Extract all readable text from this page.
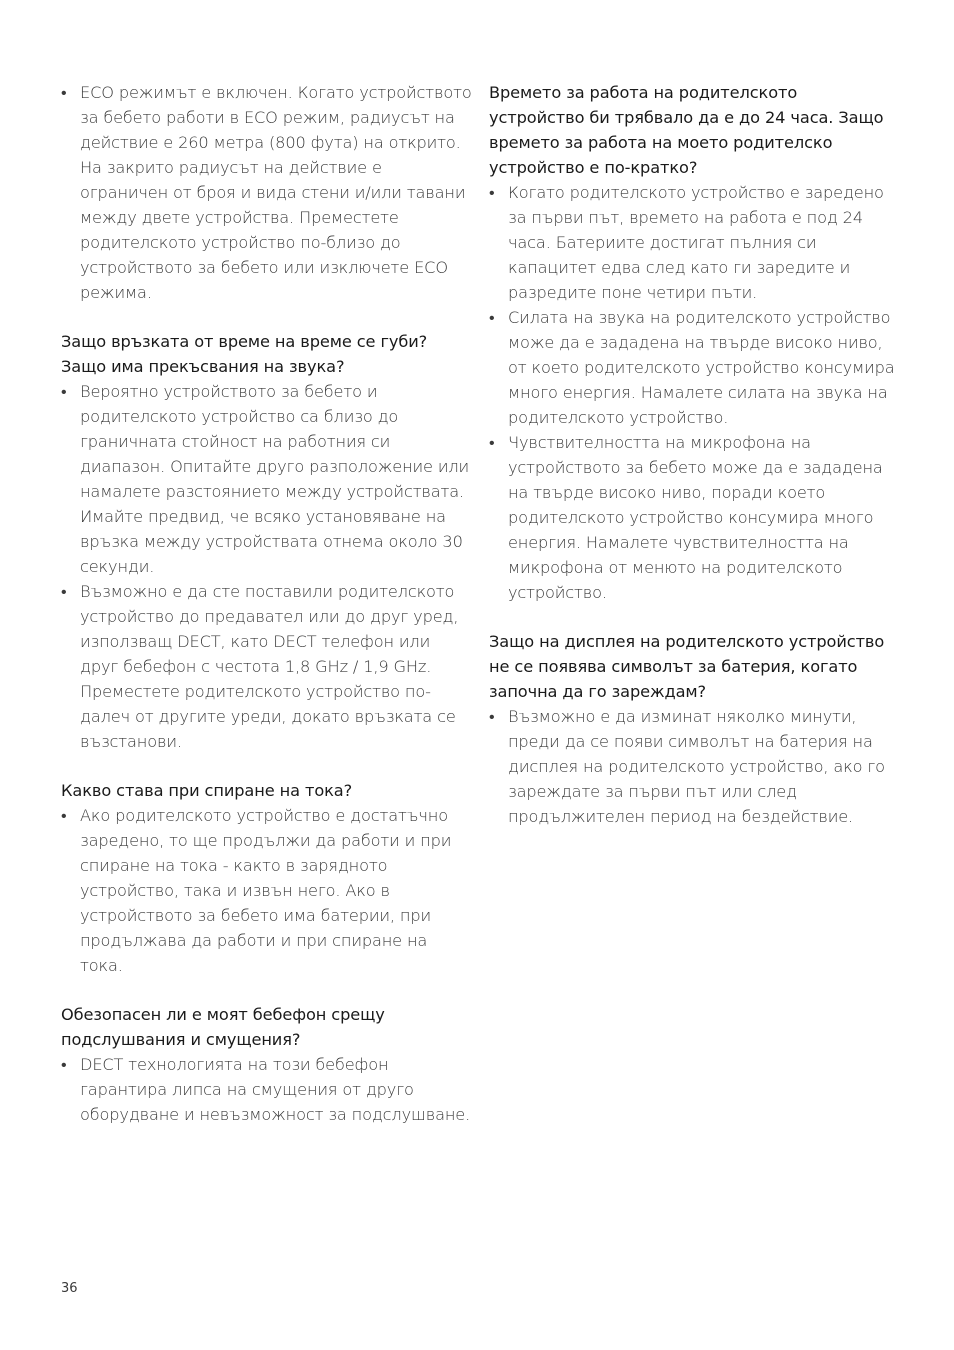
• ECO режимът е включен. Когато устройството за бебето работи в ECO режим, радиусът на действие е 260 метра (800 фута) на открито. На закрито радиусът на действие е ограничен от броя и вида стени и/или тавани между двете устройства. Преместете родителското устройство по-близо до устройството за бебето или изключете ECO режима.
Защо връзката от време на време се губи? Защо има прекъсвания на звука?
• Вероятно устройството за бебето и родителското устройство са близо до граничната стойност на работния си диапазон. Опитайте друго разположение или намалете разстоянието между устройствата. Имайте предвид, че всяко установяване на връзка между устройствата отнема около 30 секунди.
• Възможно е да сте поставили родителското устройство до предавател или до друг уред, използващ DECT, като DECT телефон или друг бебефон с честота 1,8 GHz / 1,9 GHz. Преместете родителското устройство по-далеч от другите уреди, докато връзката се възстанови.
Какво става при спиране на тока?
• Ако родителското устройство е достатъчно заредено, то ще продължи да работи и при спиране на тока - както в зарядното устройство, така и извън него. Ако в устройството за бебето има батерии, при продължава да работи и при спиране на тока.
Обезопасен ли е моят бебефон срещу подслушвания и смущения?
• DECT технологията на този бебефон гарантира липса на смущения от друго оборудване и невъзможност за подслушване.
Времето за работа на родителското устройство би трябвало да е до 24 часа. Защо времето за работа на моето родителско устройство е по-кратко?
• Когато родителското устройство е заредено за първи път, времето на работа е под 24 часа. Батериите достигат пълния си капацитет едва след като ги заредите и разредите поне четири пъти.
• Силата на звука на родителското устройство може да е зададена на твърде високо ниво, от което родителското устройство консумира много енергия. Намалете силата на звука на родителското устройство.
• Чувствителността на микрофона на устройството за бебето може да е зададена на твърде високо ниво, поради което родителското устройство консумира много енергия. Намалете чувствителността на микрофона от менюто на родителското устройство.
Защо на дисплея на родителското устройство не се появява символът за батерия, когато започна да го зареждам?
• Възможно е да изминат няколко минути, преди да се появи символът на батерия на дисплея на родителското устройство, ако го зареждате за първи път или след продължителен период на бездействие.
36
